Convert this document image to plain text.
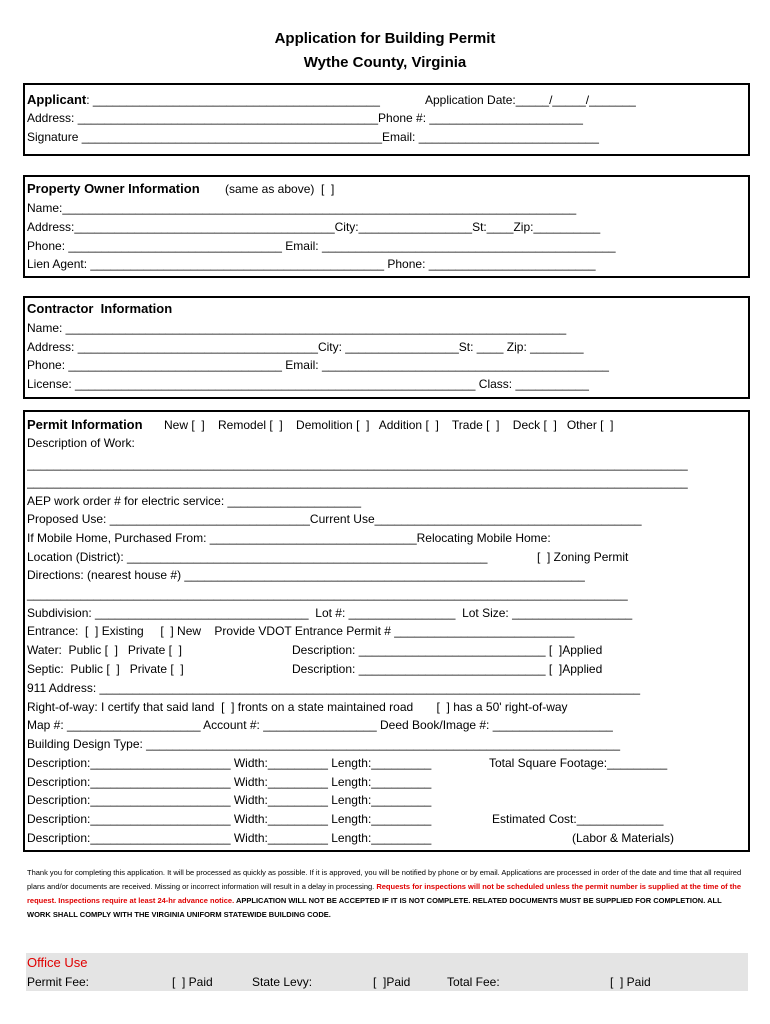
Application for Building Permit
Wythe County, Virginia
Applicant: ___________________________________________	Application Date:_____/_____/_______
Address: _____________________________________________Phone #: _______________________
Signature _____________________________________________Email: ___________________________
Property Owner Information (same as above)  [  ]
Name:_____________________________________________________________________________
Address:_______________________________________City:_________________St:____Zip:__________
Phone: ________________________________ Email: ____________________________________________
Lien Agent: ____________________________________________ Phone: _________________________
Contractor  Information
Name: ___________________________________________________________________________
Address: ____________________________________City: _________________St: ____ Zip: ________
Phone: ________________________________ Email: ___________________________________________
License: ____________________________________________________________ Class: ___________
Permit Information New [  ]    Remodel [  ]    Demolition [  ]   Addition [  ]    Trade [  ]    Deck [  ]   Other [  ]
Description of Work:
___________________________________________________________________________________________________
___________________________________________________________________________________________________
AEP work order # for electric service: ____________________
Proposed Use: ______________________________Current Use________________________________________
If Mobile Home, Purchased From: _______________________________Relocating Mobile Home:
Location (District): ______________________________________________________	[  ] Zoning Permit
Directions: (nearest house #) ____________________________________________________________
__________________________________________________________________________________________
Subdivision: ________________________________  Lot #: ________________  Lot Size: __________________
Entrance:  [  ] Existing     [  ] New    Provide VDOT Entrance Permit # ___________________________
Water:  Public [  ]   Private [  ]	Description: ____________________________ [  ]Applied
Septic:  Public [  ]   Private [  ]	Description: ____________________________ [  ]Applied
911 Address: _________________________________________________________________________________
Right-of-way: I certify that said land  [  ] fronts on a state maintained road       [  ] has a 50' right-of-way
Map #: ____________________ Account #: _________________ Deed Book/Image #: __________________
Building Design Type: _______________________________________________________________________
Description:_____________________ Width:_________ Length:_________
Description:_____________________ Width:_________ Length:_________
Description:_____________________ Width:_________ Length:_________
Description:_____________________ Width:_________ Length:_________
Description:_____________________ Width:_________ Length:_________
Total Square Footage:_________
Estimated Cost:_____________
(Labor & Materials)
Thank you for completing this application. It will be processed as quickly as possible. If it is approved, you will be notified by phone or by email. Applications are processed in order of the date and time that all required plans and/or documents are received. Missing or incorrect information will result in a delay in processing. Requests for inspections will not be scheduled unless the permit number is supplied at the time of the request. Inspections require at least 24-hr advance notice. APPLICATION WILL NOT BE ACCEPTED IF IT IS NOT COMPLETE. RELATED DOCUMENTS MUST BE SUPPLIED FOR COMPLETION. ALL WORK SHALL COMPLY WITH THE VIRGINIA UNIFORM STATEWIDE BUILDING CODE.
Office Use
Permit Fee:	[  ] Paid	State Levy:	[  ]Paid	Total Fee:	[  ] Paid
